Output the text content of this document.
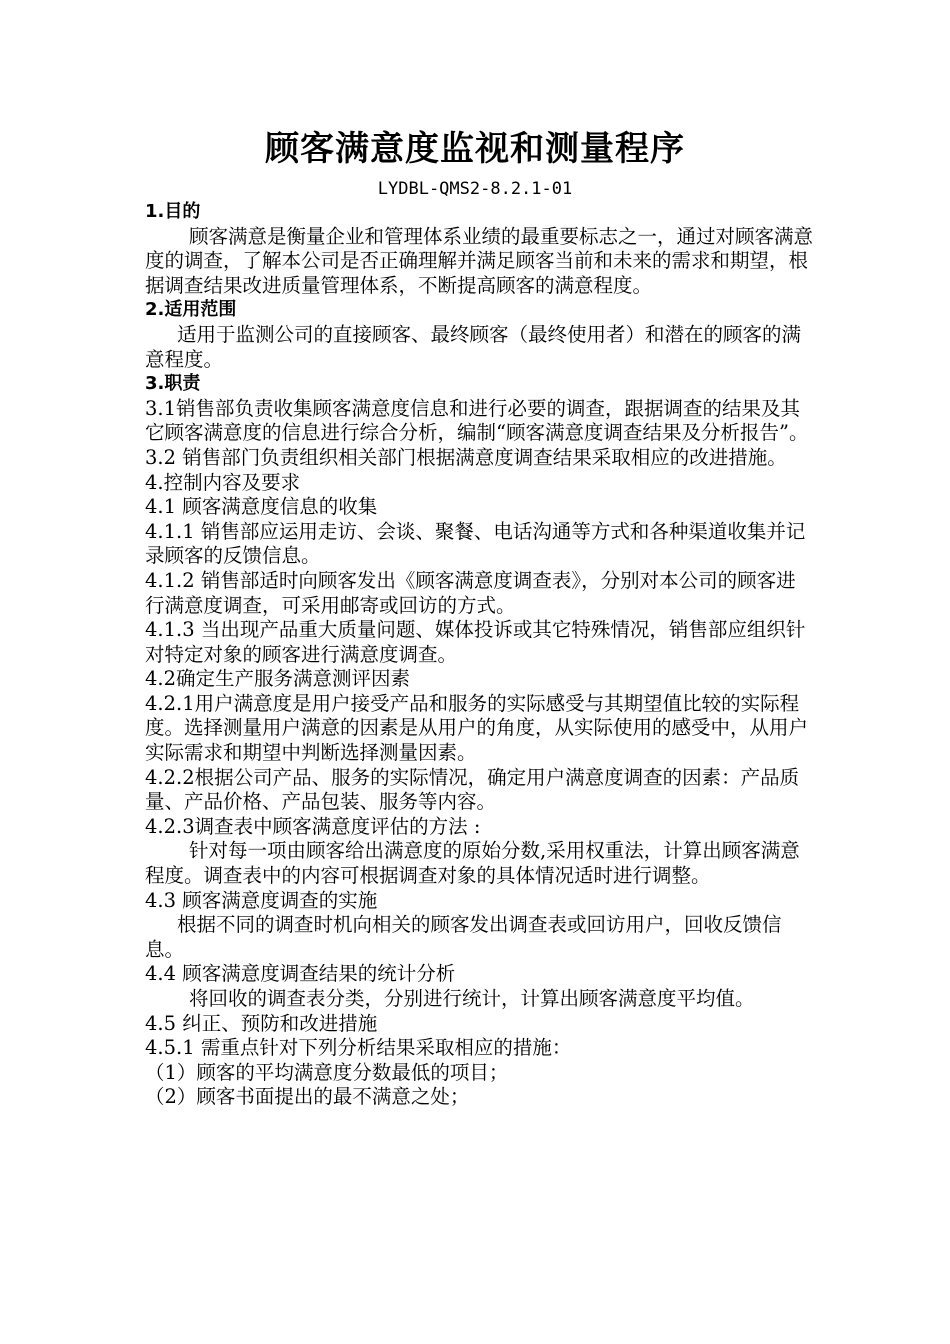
顾客满意度监视和测量程序
LYDBL-QMS2-8.2.1-01

1.目的

顾客满意是衡量企业和管理体系业绩的最重要标志之一，通过对顾客满意度的调查，了解本公司是否正确理解并满足顾客当前和未来的需求和期望，根据调查结果改进质量管理体系，不断提高顾客的满意程度。

2.适用范围

适用于监测公司的直接顾客、最终顾客（最终使用者）和潜在的顾客的满意程度。

3.职责

3.1销售部负责收集顾客满意度信息和进行必要的调查，跟据调查的结果及其它顾客满意度的信息进行综合分析，编制“顾客满意度调查结果及分析报告”。

3.2 销售部门负责组织相关部门根据满意度调查结果采取相应的改进措施。

4.控制内容及要求

4.1 顾客满意度信息的收集

4.1.1 销售部应运用走访、会谈、聚餐、电话沟通等方式和各种渠道收集并记录顾客的反馈信息。

4.1.2 销售部适时向顾客发出《顾客满意度调查表》，分别对本公司的顾客进行满意度调查，可采用邮寄或回访的方式。

4.1.3 当出现产品重大质量问题、媒体投诉或其它特殊情况，销售部应组织针对特定对象的顾客进行满意度调查。

4.2确定生产服务满意测评因素

4.2.1用户满意度是用户接受产品和服务的实际感受与其期望值比较的实际程度。选择测量用户满意的因素是从用户的角度，从实际使用的感受中，从用户实际需求和期望中判断选择测量因素。

4.2.2根据公司产品、服务的实际情况，确定用户满意度调查的因素：产品质量、产品价格、产品包装、服务等内容。

4.2.3调查表中顾客满意度评估的方法 :

针对每一项由顾客给出满意度的原始分数,采用权重法，计算出顾客满意程度。调查表中的内容可根据调查对象的具体情况适时进行调整。

4.3 顾客满意度调查的实施

根据不同的调查时机向相关的顾客发出调查表或回访用户，回收反馈信息。

4.4 顾客满意度调查结果的统计分析

将回收的调查表分类，分别进行统计，计算出顾客满意度平均值。

4.5 纠正、预防和改进措施

4.5.1 需重点针对下列分析结果采取相应的措施：

（1）顾客的平均满意度分数最低的项目；

（2）顾客书面提出的最不满意之处；
